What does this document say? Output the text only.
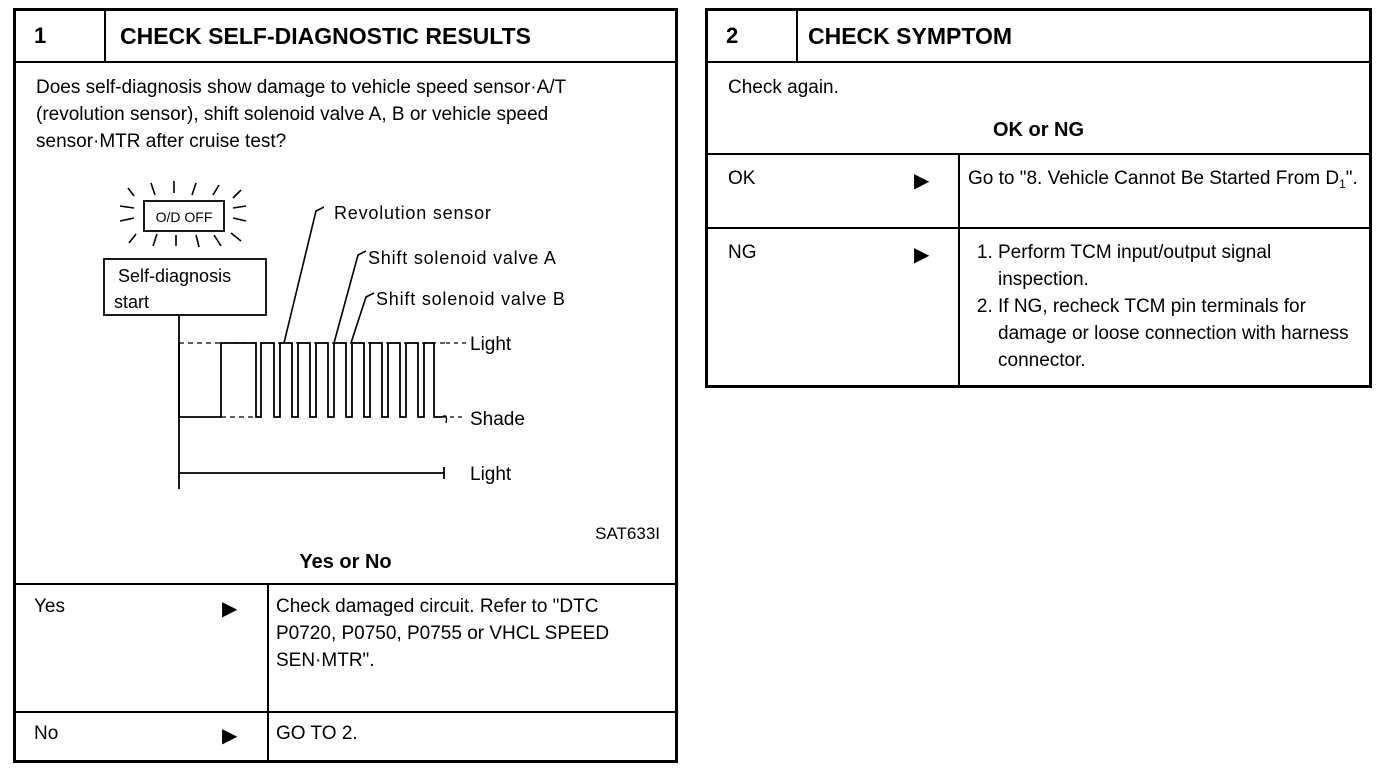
1	CHECK SELF-DIAGNOSTIC RESULTS
Does self-diagnosis show damage to vehicle speed sensor·A/T (revolution sensor), shift solenoid valve A, B or vehicle speed sensor·MTR after cruise test?
O/D OFF
Self-diagnosis
start
Revolution sensor
Shift solenoid valve A
Shift solenoid valve B
Light
Shade
Light
SAT633I
Yes or No
Yes	▶ Check damaged circuit. Refer to "DTC P0720, P0750, P0755 or VHCL SPEED SEN·MTR".
No	▶ GO TO 2.
2	CHECK SYMPTOM
Check again.
OK or NG
OK	▶ Go to "8. Vehicle Cannot Be Started From $D_1$".
NG	▶
1.	Perform TCM input/output signal inspection.
2. If NG, recheck TCM pin terminals for damage or loose connection with harness connector.
